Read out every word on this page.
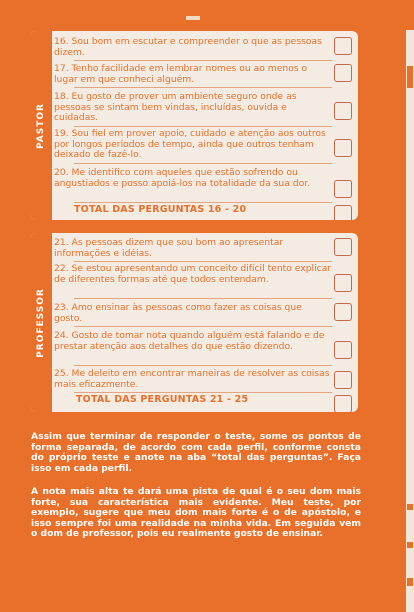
PASTOR
16. Sou bom em escutar e compreender o que as pessoas dizem.
17. Tenho facilidade em lembrar nomes ou ao menos o lugar em que conheci alguém.
18. Eu gosto de prover um ambiente seguro onde as pessoas se sintam bem vindas, incluídas, ouvida e cuidadas.
19. Sou fiel em prover apoio, cuidado e atenção aos outros por longos períodos de tempo, ainda que outros tenham deixado de fazê-lo.
20. Me identifico com aqueles que estão sofrendo ou angustiados e posso apoiá-los na totalidade da sua dor.
TOTAL DAS PERGUNTAS 16 - 20
PROFESSOR
21. As pessoas dizem que sou bom ao apresentar informações e idéias.
22. Se estou apresentando um conceito difícil tento explicar de diferentes formas até que todos entendam.
23. Amo ensinar às pessoas como fazer as coisas que gosto.
24. Gosto de tomar nota quando alguém está falando e de prestar atenção aos detalhes do que estão dizendo.
25. Me deleito em encontrar maneiras de resolver as coisas mais eficazmente.
TOTAL DAS PERGUNTAS 21 - 25

Assim que terminar de responder o teste, some os pontos de forma separada, de acordo com cada perfil, conforme consta do próprio teste e anote na aba “total das perguntas”. Faça isso em cada perfil.

A nota mais alta te dará uma pista de qual é o seu dom mais forte, sua característica mais evidente. Meu teste, por exemplo, sugere que meu dom mais forte é o de apóstolo, e isso sempre foi uma realidade na minha vida. Em seguida vem o dom de professor, pois eu realmente gosto de ensinar.
